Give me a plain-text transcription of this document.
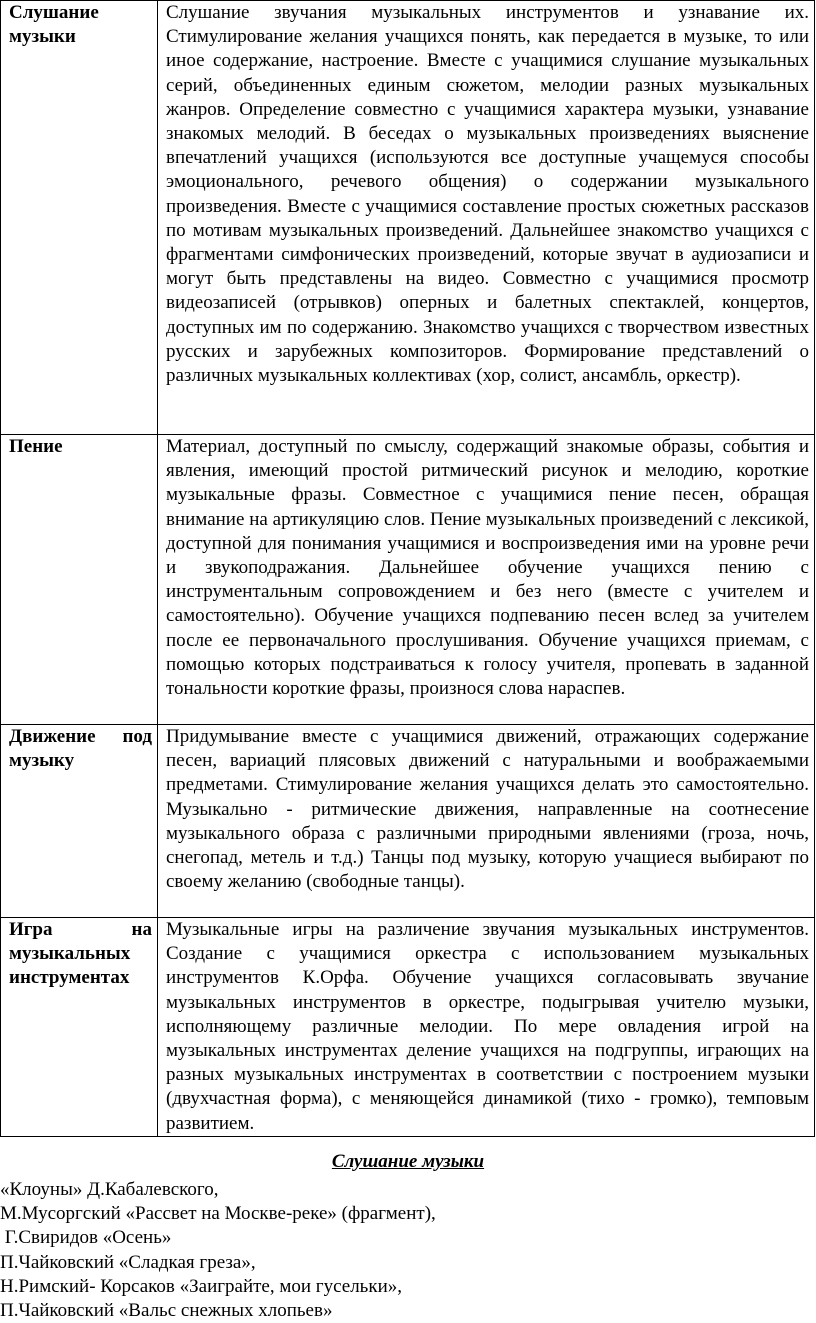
Слушание музыки	Слушание звучания музыкальных инструментов и узнавание их. Стимулирование желания учащихся понять, как передается в музыке, то или иное содержание, настроение. Вместе с учащимися слушание музыкальных серий, объединенных единым сюжетом, мелодии разных музыкальных жанров. Определение совместно с учащимися характера музыки, узнавание знакомых мелодий. В беседах о музыкальных произведениях выяснение впечатлений учащихся (используются все доступные учащемуся способы эмоционального, речевого общения) о содержании музыкального произведения. Вместе с учащимися составление простых сюжетных рассказов по мотивам музыкальных произведений. Дальнейшее знакомство учащихся с фрагментами симфонических произведений, которые звучат в аудиозаписи и могут быть представлены на видео. Совместно с учащимися просмотр видеозаписей (отрывков) оперных и балетных спектаклей, концертов, доступных им по содержанию. Знакомство учащихся с творчеством известных русских и зарубежных композиторов. Формирование представлений о различных музыкальных коллективах (хор, солист, ансамбль, оркестр).
Пение	Материал, доступный по смыслу, содержащий знакомые образы, события и явления, имеющий простой ритмический рисунок и мелодию, короткие музыкальные фразы. Совместное с учащимися пение песен, обращая внимание на артикуляцию слов. Пение музыкальных произведений с лексикой, доступной для понимания учащимися и воспроизведения ими на уровне речи и звукоподражания. Дальнейшее обучение учащихся пению с инструментальным сопровождением и без него (вместе с учителем и самостоятельно). Обучение учащихся подпеванию песен вслед за учителем после ее первоначального прослушивания. Обучение учащихся приемам, с помощью которых подстраиваться к голосу учителя, пропевать в заданной тональности короткие фразы, произнося слова нараспев.
Движение под музыку	Придумывание вместе с учащимися движений, отражающих содержание песен, вариаций плясовых движений с натуральными и воображаемыми предметами. Стимулирование желания учащихся делать это самостоятельно. Музыкально - ритмические движения, направленные на соотнесение музыкального образа с различными природными явлениями (гроза, ночь, снегопад, метель и т.д.) Танцы под музыку, которую учащиеся выбирают по своему желанию (свободные танцы).
Игра на музыкальных инструментах	Музыкальные игры на различение звучания музыкальных инструментов. Создание с учащимися оркестра с использованием музыкальных инструментов К.Орфа. Обучение учащихся согласовывать звучание музыкальных инструментов в оркестре, подыгрывая учителю музыки, исполняющему различные мелодии. По мере овладения игрой на музыкальных инструментах деление учащихся на подгруппы, играющих на разных музыкальных инструментах в соответствии с построением музыки (двухчастная форма), с меняющейся динамикой (тихо - громко), темповым развитием.
Слушание музыки
«Клоуны» Д.Кабалевского,
М.Мусоргский «Рассвет на Москве-реке» (фрагмент),
Г.Свиридов «Осень»
П.Чайковский «Сладкая греза»,
Н.Римский- Корсаков «Заиграйте, мои гусельки»,
П.Чайковский «Вальс снежных хлопьев»
